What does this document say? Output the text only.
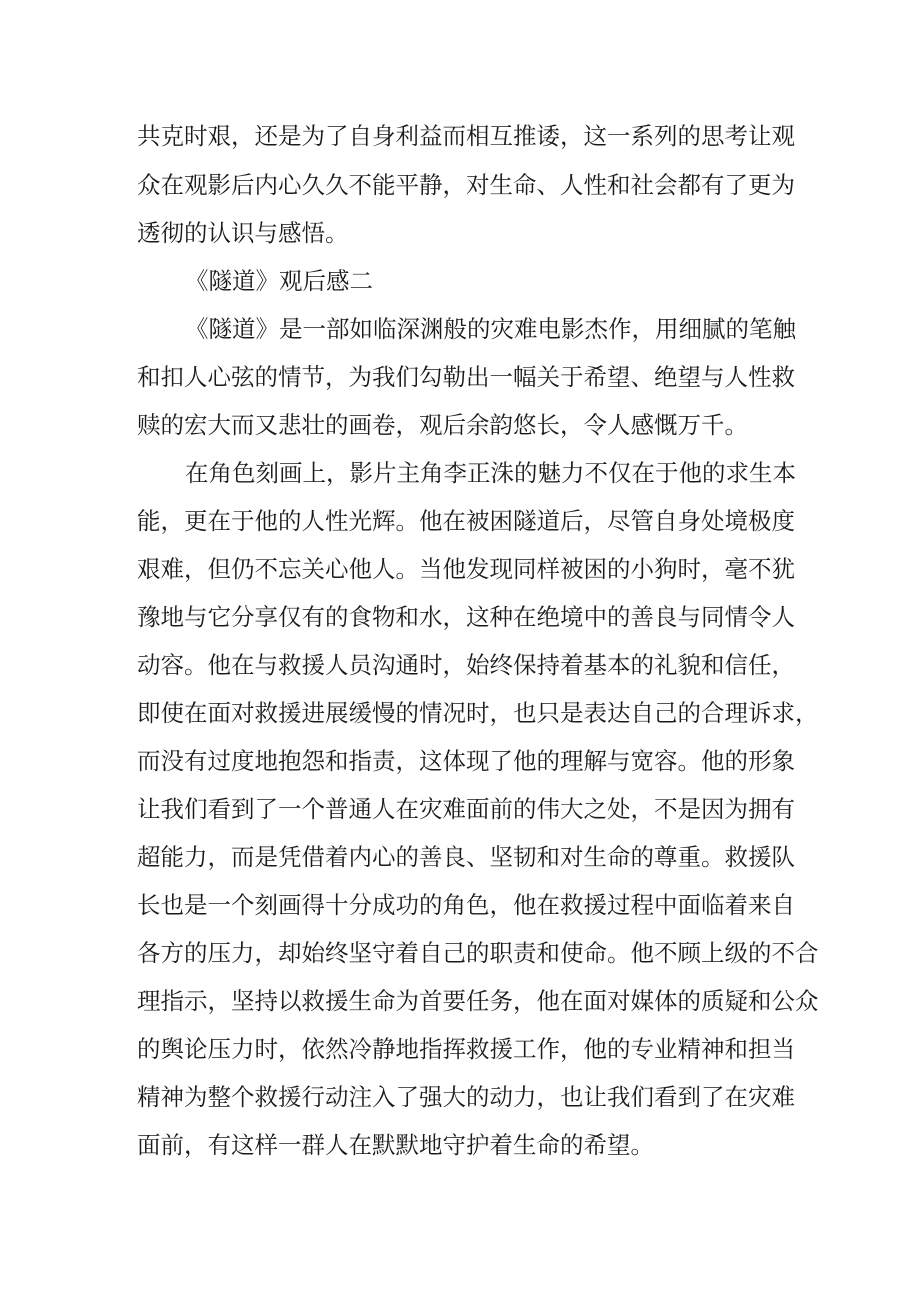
共克时艰，还是为了自身利益而相互推诿，这一系列的思考让观

众在观影后内心久久不能平静，对生命、人性和社会都有了更为

透彻的认识与感悟。

《隧道》观后感二

《隧道》是一部如临深渊般的灾难电影杰作，用细腻的笔触

和扣人心弦的情节，为我们勾勒出一幅关于希望、绝望与人性救

赎的宏大而又悲壮的画卷，观后余韵悠长，令人感慨万千。

在角色刻画上，影片主角李正洙的魅力不仅在于他的求生本

能，更在于他的人性光辉。他在被困隧道后，尽管自身处境极度

艰难，但仍不忘关心他人。当他发现同样被困的小狗时，毫不犹

豫地与它分享仅有的食物和水，这种在绝境中的善良与同情令人

动容。他在与救援人员沟通时，始终保持着基本的礼貌和信任，

即使在面对救援进展缓慢的情况时，也只是表达自己的合理诉求，

而没有过度地抱怨和指责，这体现了他的理解与宽容。他的形象

让我们看到了一个普通人在灾难面前的伟大之处，不是因为拥有

超能力，而是凭借着内心的善良、坚韧和对生命的尊重。救援队

长也是一个刻画得十分成功的角色，他在救援过程中面临着来自

各方的压力，却始终坚守着自己的职责和使命。他不顾上级的不合

理指示，坚持以救援生命为首要任务，他在面对媒体的质疑和公众

的舆论压力时，依然冷静地指挥救援工作，他的专业精神和担当

精神为整个救援行动注入了强大的动力，也让我们看到了在灾难

面前，有这样一群人在默默地守护着生命的希望。
